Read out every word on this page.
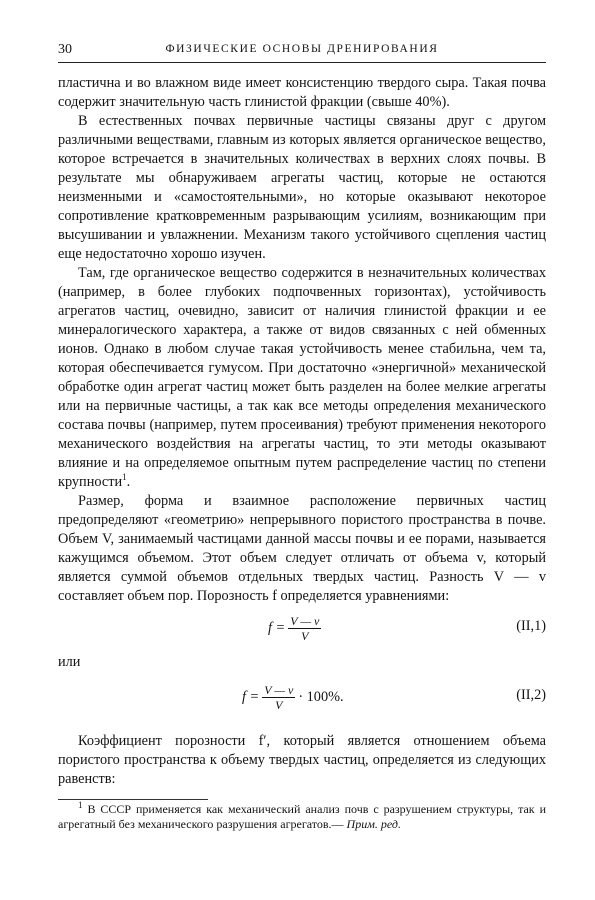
30	ФИЗИЧЕСКИЕ ОСНОВЫ ДРЕНИРОВАНИЯ

пластична и во влажном виде имеет консистенцию твердого сыра. Такая почва содержит значительную часть глинистой фракции (свыше 40%).

В естественных почвах первичные частицы связаны друг с другом различными веществами, главным из которых является органическое вещество, которое встречается в значительных количествах в верхних слоях почвы. В результате мы обнаруживаем агрегаты частиц, которые не остаются неизменными и «самостоятельными», но которые оказывают некоторое сопротивление кратковременным разрывающим усилиям, возникающим при высушивании и увлажнении. Механизм такого устойчивого сцепления частиц еще недостаточно хорошо изучен.

Там, где органическое вещество содержится в незначительных количествах (например, в более глубоких подпочвенных горизонтах), устойчивость агрегатов частиц, очевидно, зависит от наличия глинистой фракции и ее минералогического характера, а также от видов связанных с ней обменных ионов. Однако в любом случае такая устойчивость менее стабильна, чем та, которая обеспечивается гумусом. При достаточно «энергичной» механической обработке один агрегат частиц может быть разделен на более мелкие агрегаты или на первичные частицы, а так как все методы определения механического состава почвы (например, путем просеивания) требуют применения некоторого механического воздействия на агрегаты частиц, то эти методы оказывают влияние и на определяемое опытным путем распределение частиц по степени крупности$^1$.

Размер, форма и взаимное расположение первичных частиц предопределяют «геометрию» непрерывного пористого пространства в почве. Объем V, занимаемый частицами данной массы почвы и ее порами, называется кажущимся объемом. Этот объем следует отличать от объема v, который является суммой объемов отдельных твердых частиц. Разность V — v составляет объем пор. Порозность f определяется уравнениями:

$f = \frac{V — v}{V}$	(II,1)
или
$f = \frac{V — v}{V} \cdot 100\%$.	(II,2)

Коэффициент порозности f′, который является отношением объема пористого пространства к объему твердых частиц, определяется из следующих равенств:

$^1$ В СССР применяется как механический анализ почв с разрушением структуры, так и агрегатный без механического разрушения агрегатов.— Прим. ред.
